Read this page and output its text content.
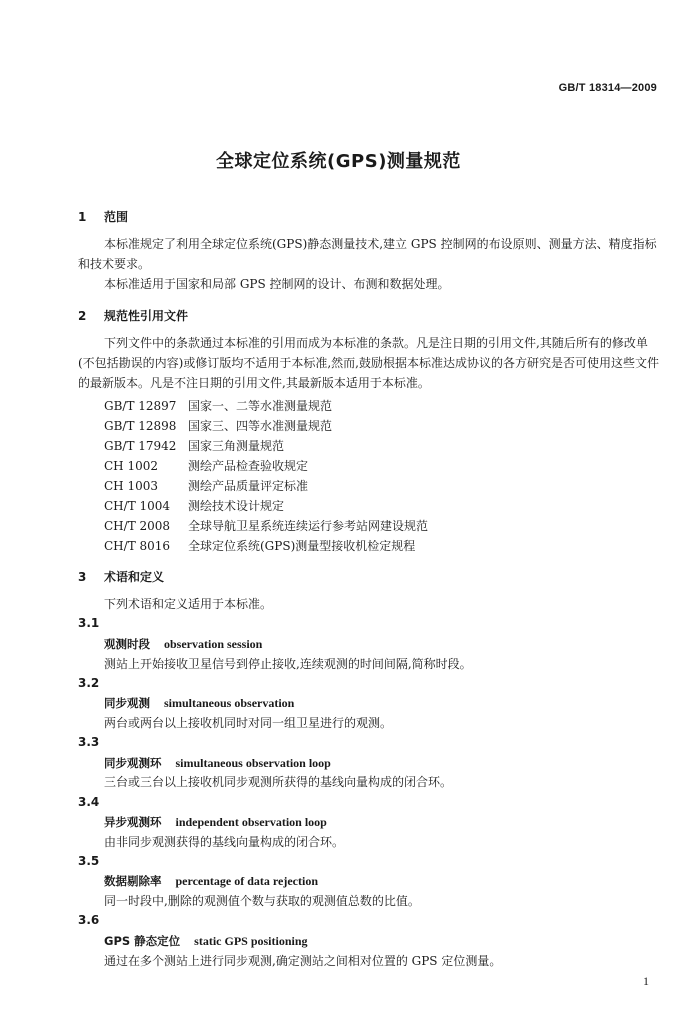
GB/T 18314—2009
全球定位系统(GPS)测量规范
1 范围
本标准规定了利用全球定位系统(GPS)静态测量技术,建立 GPS 控制网的布设原则、测量方法、精度指标和技术要求。
本标准适用于国家和局部 GPS 控制网的设计、布测和数据处理。
2 规范性引用文件
下列文件中的条款通过本标准的引用而成为本标准的条款。凡是注日期的引用文件,其随后所有的修改单(不包括勘误的内容)或修订版均不适用于本标准,然而,鼓励根据本标准达成协议的各方研究是否可使用这些文件的最新版本。凡是不注日期的引用文件,其最新版本适用于本标准。
GB/T 12897 国家一、二等水准测量规范
GB/T 12898 国家三、四等水准测量规范
GB/T 17942 国家三角测量规范
CH 1002	测绘产品检查验收规定
CH 1003	测绘产品质量评定标准
CH/T 1004 测绘技术设计规定
CH/T 2008 全球导航卫星系统连续运行参考站网建设规范
CH/T 8016 全球定位系统(GPS)测量型接收机检定规程
3 术语和定义
下列术语和定义适用于本标准。
3.1
观测时段 observation session
测站上开始接收卫星信号到停止接收,连续观测的时间间隔,简称时段。
3.2
同步观测 simultaneous observation
两台或两台以上接收机同时对同一组卫星进行的观测。
3.3
同步观测环 simultaneous observation loop
三台或三台以上接收机同步观测所获得的基线向量构成的闭合环。
3.4
异步观测环 independent observation loop
由非同步观测获得的基线向量构成的闭合环。
3.5
数据剔除率 percentage of data rejection
同一时段中,删除的观测值个数与获取的观测值总数的比值。
3.6
GPS 静态定位 static GPS positioning
通过在多个测站上进行同步观测,确定测站之间相对位置的 GPS 定位测量。
1
